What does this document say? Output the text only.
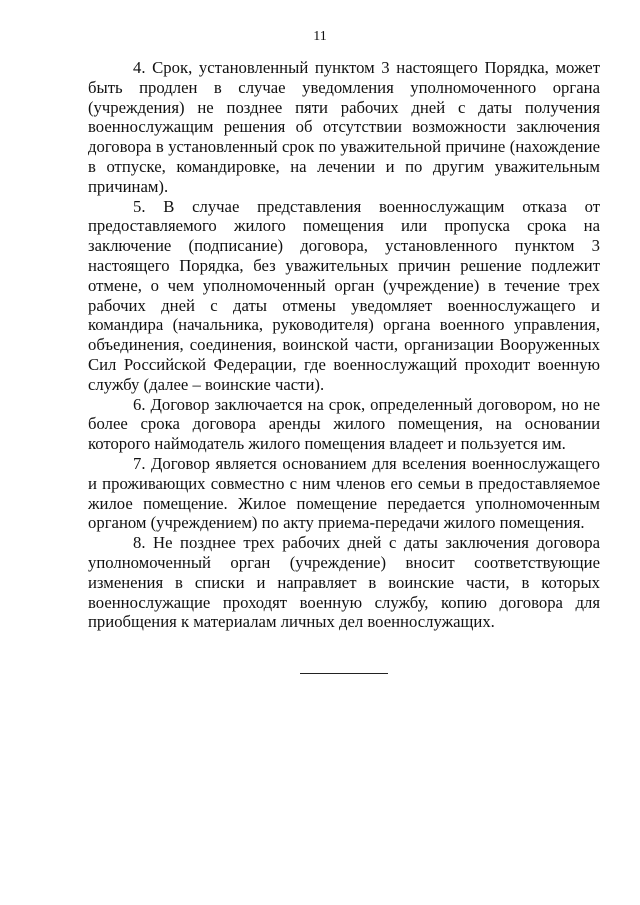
11

4. Срок, установленный пунктом 3 настоящего Порядка, может быть продлен в случае уведомления уполномоченного органа (учреждения) не позднее пяти рабочих дней с даты получения военнослужащим решения об отсутствии возможности заключения договора в установленный срок по уважительной причине (нахождение в отпуске, командировке, на лечении и по другим уважительным причинам).

5. В случае представления военнослужащим отказа от предоставляемого жилого помещения или пропуска срока на заключение (подписание) договора, установленного пунктом 3 настоящего Порядка, без уважительных причин решение подлежит отмене, о чем уполномоченный орган (учреждение) в течение трех рабочих дней с даты отмены уведомляет военнослужащего и командира (начальника, руководителя) органа военного управления, объединения, соединения, воинской части, организации Вооруженных Сил Российской Федерации, где военнослужащий проходит военную службу (далее – воинские части).

6. Договор заключается на срок, определенный договором, но не более срока договора аренды жилого помещения, на основании которого наймодатель жилого помещения владеет и пользуется им.

7. Договор является основанием для вселения военнослужащего и проживающих совместно с ним членов его семьи в предоставляемое жилое помещение. Жилое помещение передается уполномоченным органом (учреждением) по акту приема-передачи жилого помещения.

8. Не позднее трех рабочих дней с даты заключения договора уполномоченный орган (учреждение) вносит соответствующие изменения в списки и направляет в воинские части, в которых военнослужащие проходят военную службу, копию договора для приобщения к материалам личных дел военнослужащих.
